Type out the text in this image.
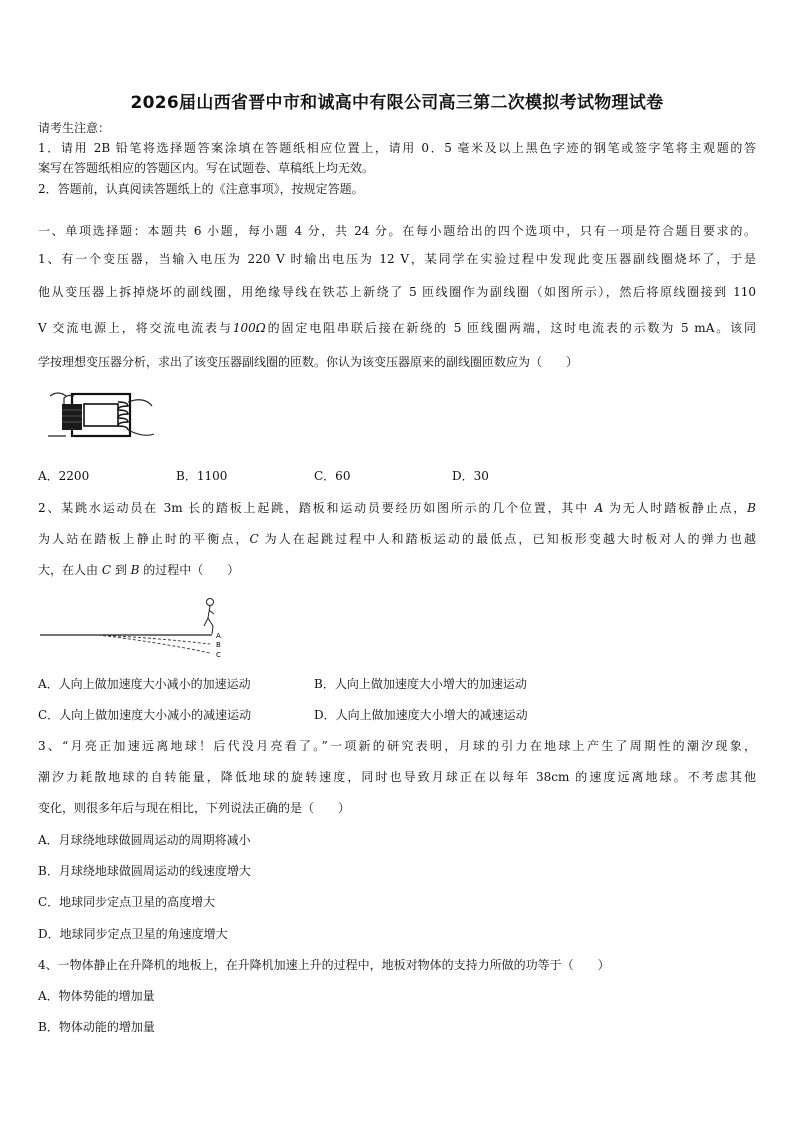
2026届山西省晋中市和诚高中有限公司高三第二次模拟考试物理试卷
请考生注意：
1．请用 2B 铅笔将选择题答案涂填在答题纸相应位置上，请用 0．5 毫米及以上黑色字迹的钢笔或签字笔将主观题的答
案写在答题纸相应的答题区内。写在试题卷、草稿纸上均无效。
2．答题前，认真阅读答题纸上的《注意事项》，按规定答题。
一、单项选择题：本题共 6 小题，每小题 4 分，共 24 分。在每小题给出的四个选项中，只有一项是符合题目要求的。
1、有一个变压器，当输入电压为 220 V 时输出电压为 12 V，某同学在实验过程中发现此变压器副线圈烧坏了，于是
他从变压器上拆掉烧坏的副线圈，用绝缘导线在铁芯上新绕了 5 匝线圈作为副线圈（如图所示），然后将原线圈接到 110
V 交流电源上，将交流电流表与100Ω的固定电阻串联后接在新绕的 5 匝线圈两端，这时电流表的示数为 5 mA。该同
学按理想变压器分析，求出了该变压器副线圈的匝数。你认为该变压器原来的副线圈匝数应为（　　）
A．2200	B．1100	C．60	D．30
2、某跳水运动员在 3m 长的踏板上起跳，踏板和运动员要经历如图所示的几个位置，其中 A 为无人时踏板静止点，B
为人站在踏板上静止时的平衡点，C 为人在起跳过程中人和踏板运动的最低点，已知板形变越大时板对人的弹力也越
大，在人由 C 到 B 的过程中（　　）
A
B
C
A．人向上做加速度大小减小的加速运动	B．人向上做加速度大小增大的加速运动
C．人向上做加速度大小减小的减速运动	D．人向上做加速度大小增大的减速运动
3、“月亮正加速远离地球！后代没月亮看了。”一项新的研究表明，月球的引力在地球上产生了周期性的潮汐现象，
潮汐力耗散地球的自转能量，降低地球的旋转速度，同时也导致月球正在以每年 38cm 的速度远离地球。不考虑其他
变化，则很多年后与现在相比，下列说法正确的是（　　）
A．月球绕地球做圆周运动的周期将减小
B．月球绕地球做圆周运动的线速度增大
C．地球同步定点卫星的高度增大
D．地球同步定点卫星的角速度增大
4、一物体静止在升降机的地板上，在升降机加速上升的过程中，地板对物体的支持力所做的功等于（　　）
A．物体势能的增加量
B．物体动能的增加量
